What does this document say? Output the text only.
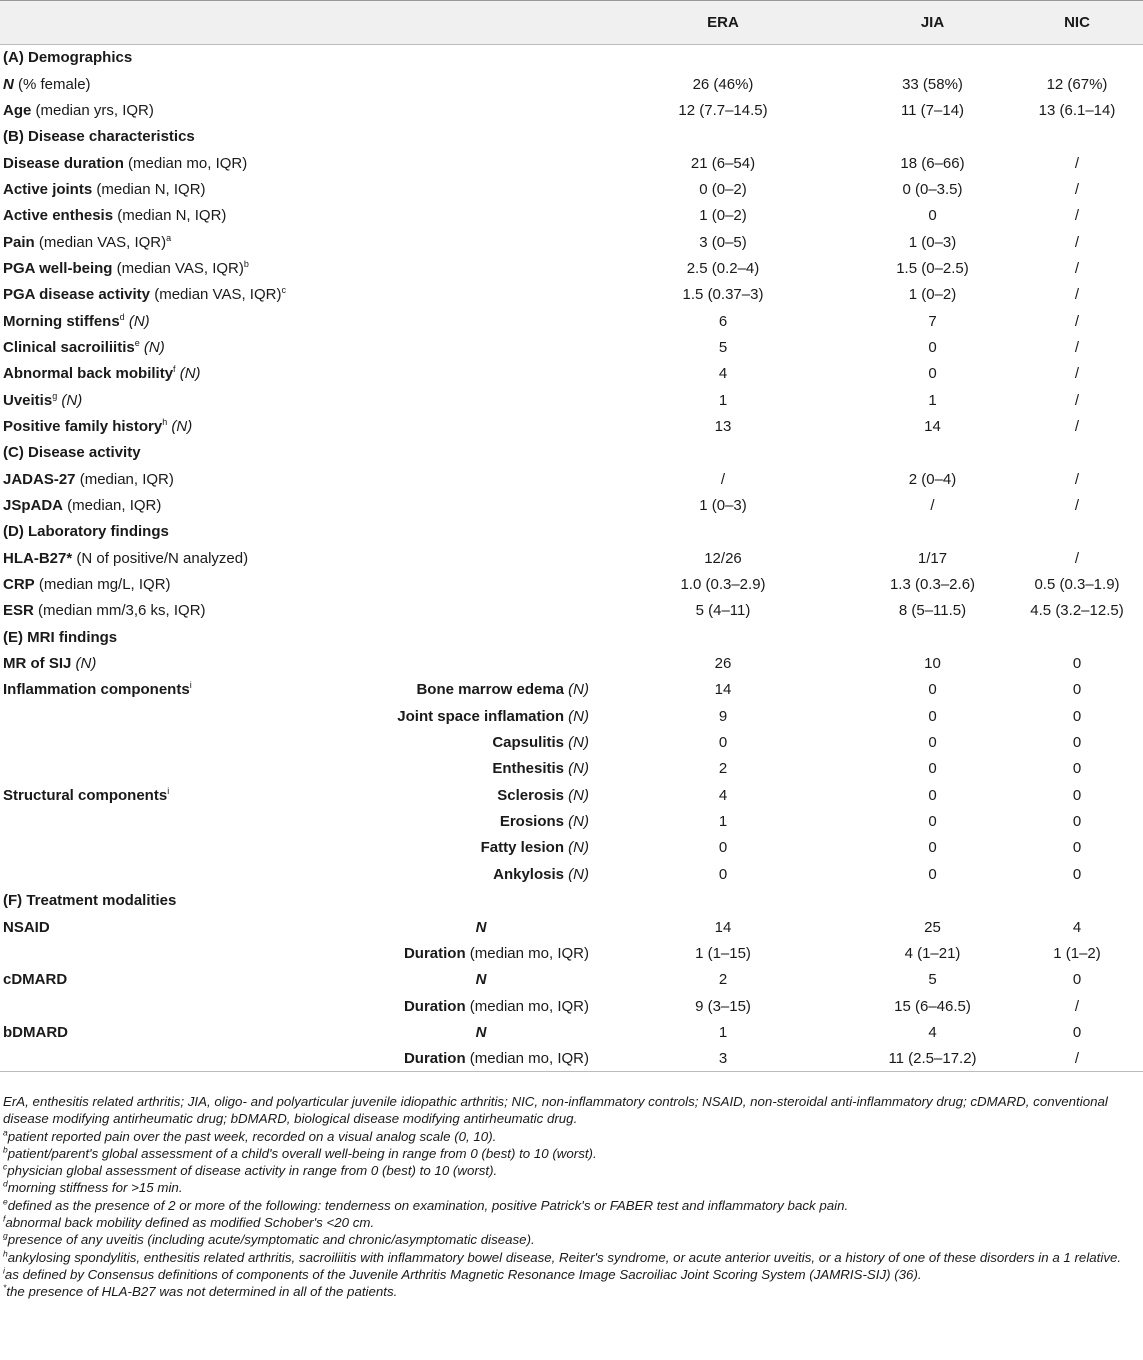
		ERA	JIA	NIC
(A) Demographics				
N (% female)		26 (46%)	33 (58%)	12 (67%)
Age (median yrs, IQR)		12 (7.7–14.5)	11 (7–14)	13 (6.1–14)
(B) Disease characteristics				
Disease duration (median mo, IQR)		21 (6–54)	18 (6–66)	/
Active joints (median N, IQR)		0 (0–2)	0 (0–3.5)	/
Active enthesis (median N, IQR)		1 (0–2)	0	/
Pain (median VAS, IQR)$^a$		3 (0–5)	1 (0–3)	/
PGA well-being (median VAS, IQR)$^b$		2.5 (0.2–4)	1.5 (0–2.5)	/
PGA disease activity (median VAS, IQR)$^c$		1.5 (0.37–3)	1 (0–2)	/
Morning stiffens$^d$ (N)		6	7	/
Clinical sacroiliitis$^e$ (N)		5	0	/
Abnormal back mobility$^f$ (N)		4	0	/
Uveitis$^g$ (N)		1	1	/
Positive family history$^h$ (N)		13	14	/
(C) Disease activity				
JADAS-27 (median, IQR)		/	2 (0–4)	/
JSpADA (median, IQR)		1 (0–3)	/	/
(D) Laboratory findings				
HLA-B27* (N of positive/N analyzed)		12/26	1/17	/
CRP (median mg/L, IQR)		1.0 (0.3–2.9)	1.3 (0.3–2.6)	0.5 (0.3–1.9)
ESR (median mm/3,6 ks, IQR)		5 (4–11)	8 (5–11.5)	4.5 (3.2–12.5)
(E) MRI findings				
MR of SIJ (N)		26	10	0
Inflammation components$^i$	Bone marrow edema (N)	14	0	0
	Joint space inflamation (N)	9	0	0
	Capsulitis (N)	0	0	0
	Enthesitis (N)	2	0	0
Structural components$^i$	Sclerosis (N)	4	0	0
	Erosions (N)	1	0	0
	Fatty lesion (N)	0	0	0
	Ankylosis (N)	0	0	0
(F) Treatment modalities				
NSAID	N	14	25	4
	Duration (median mo, IQR)	1 (1–15)	4 (1–21)	1 (1–2)
cDMARD	N	2	5	0
	Duration (median mo, IQR)	9 (3–15)	15 (6–46.5)	/
bDMARD	N	1	4	0
	Duration (median mo, IQR)	3	11 (2.5–17.2)	/

ErA, enthesitis related arthritis; JIA, oligo- and polyarticular juvenile idiopathic arthritis; NIC, non-inflammatory controls; NSAID, non-steroidal anti-inflammatory drug; cDMARD, conventional disease modifying antirheumatic drug; bDMARD, biological disease modifying antirheumatic drug.

$^a$patient reported pain over the past week, recorded on a visual analog scale (0, 10).

$^b$patient/parent's global assessment of a child's overall well-being in range from 0 (best) to 10 (worst).

$^c$physician global assessment of disease activity in range from 0 (best) to 10 (worst).

$^d$morning stiffness for >15 min.

$^e$defined as the presence of 2 or more of the following: tenderness on examination, positive Patrick's or FABER test and inflammatory back pain.

$^f$abnormal back mobility defined as modified Schober's <20 cm.

$^g$presence of any uveitis (including acute/symptomatic and chronic/asymptomatic disease).

$^h$ankylosing spondylitis, enthesitis related arthritis, sacroiliitis with inflammatory bowel disease, Reiter's syndrome, or acute anterior uveitis, or a history of one of these disorders in a 1 relative.

$^i$as defined by Consensus definitions of components of the Juvenile Arthritis Magnetic Resonance Image Sacroiliac Joint Scoring System (JAMRIS-SIJ) (36).

*the presence of HLA-B27 was not determined in all of the patients.
